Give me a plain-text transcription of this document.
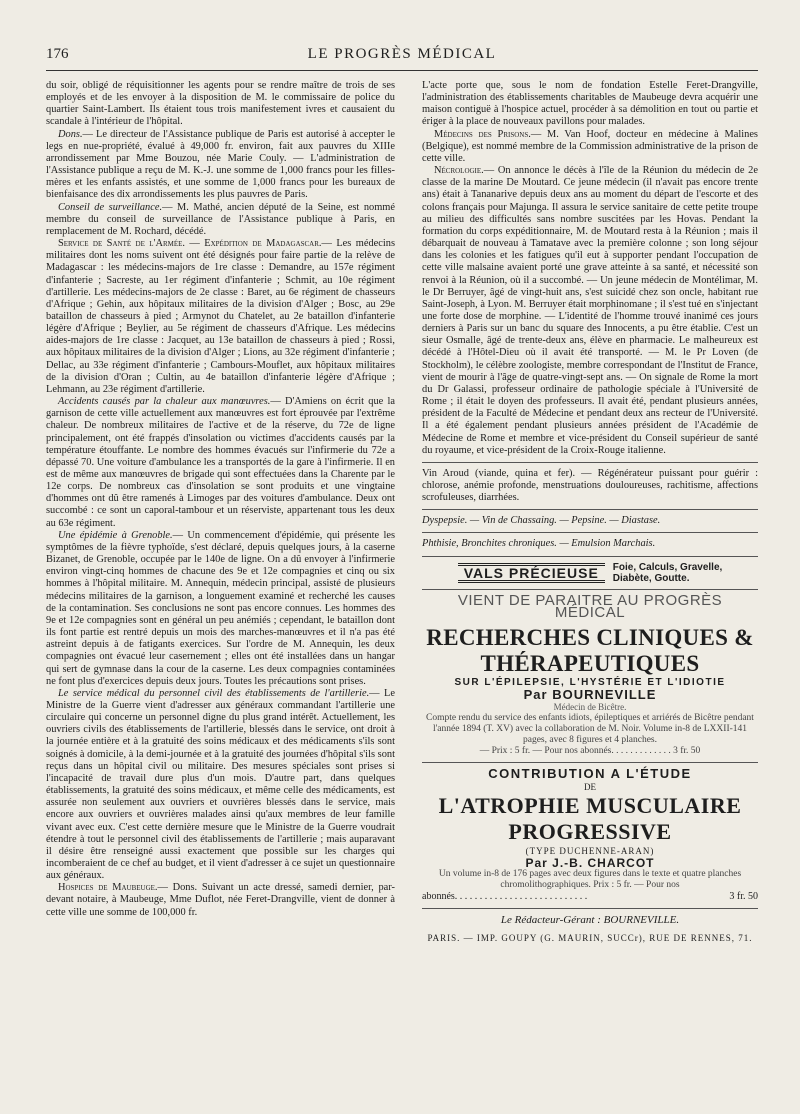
176	LE PROGRÈS MÉDICAL

du soir, obligé de réquisitionner les agents pour se rendre maître de trois de ses employés et de les envoyer à la disposition de M. le commissaire de police du quartier Saint-Lambert. Ils étaient tous trois manifestement ivres et causaient du scandale à l'intérieur de l'hôpital.

Dons.— Le directeur de l'Assistance publique de Paris est autorisé à accepter le legs en nue-propriété, évalué à 49,000 fr. environ, fait aux pauvres du XIIIe arrondissement par Mme Bouzou, née Marie Couly. — L'administration de l'Assistance publique a reçu de M. K.-J. une somme de 1,000 francs pour les filles-mères et les enfants assistés, et une somme de 1,000 francs pour les bureaux de bienfaisance des dix arrondissements les plus pauvres de Paris.

Conseil de surveillance.— M. Mathé, ancien député de la Seine, est nommé membre du conseil de surveillance de l'Assistance publique à Paris, en remplacement de M. Rochard, décédé.

Service de Santé de l'Armée. — Expédition de Madagascar.— Les médecins militaires dont les noms suivent ont été désignés pour faire partie de la relève de Madagascar : les médecins-majors de 1re classe : Demandre, au 157e régiment d'infanterie ; Sacreste, au 1er régiment d'infanterie ; Schmit, au 10e régiment d'artillerie. Les médecins-majors de 2e classe : Baret, au 6e régiment de chasseurs d'Afrique ; Gehin, aux hôpitaux militaires de la division d'Alger ; Bosc, au 29e bataillon de chasseurs à pied ; Armynot du Chatelet, au 2e bataillon d'infanterie légère d'Afrique ; Beylier, au 5e régiment de chasseurs d'Afrique. Les médecins aides-majors de 1re classe : Jacquet, au 13e bataillon de chasseurs à pied ; Rossi, aux hôpitaux militaires de la division d'Alger ; Lions, au 32e régiment d'infanterie ; Dellac, au 33e régiment d'infanterie ; Cambours-Mouflet, aux hôpitaux militaires de la division d'Oran ; Cultin, au 4e bataillon d'infanterie légère d'Afrique ; Lehmann, au 23e régiment d'artillerie.

Accidents causés par la chaleur aux manœuvres.— D'Amiens on écrit que la garnison de cette ville actuellement aux manœuvres est fort éprouvée par l'extrême chaleur. De nombreux militaires de l'active et de la réserve, du 72e de ligne principalement, ont été frappés d'insolation ou victimes d'accidents causés par la température étouffante. Le nombre des hommes évacués sur l'infirmerie du 72e a dépassé 70. Une voiture d'ambulance les a transportés de la gare à l'infirmerie. Il en est de même aux manœuvres de brigade qui sont effectuées dans la Charente par le 12e corps. De nombreux cas d'insolation se sont produits et une vingtaine d'hommes ont dû être ramenés à Limoges par des voitures d'ambulance. Deux ont succombé : ce sont un caporal-tambour et un réserviste, appartenant tous les deux au 63e régiment.

Une épidémie à Grenoble.— Un commencement d'épidémie, qui présente les symptômes de la fièvre typhoïde, s'est déclaré, depuis quelques jours, à la caserne Bizanet, de Grenoble, occupée par le 140e de ligne. On a dû envoyer à l'infirmerie environ vingt-cinq hommes de chacune des 9e et 12e compagnies et cinq ou six hommes à l'hôpital militaire. M. Annequin, médecin principal, assisté de plusieurs médecins militaires de la garnison, a longuement examiné et recherché les causes de la contamination. Ses conclusions ne sont pas encore connues. Les hommes des 9e et 12e compagnies sont en général un peu anémiés ; cependant, le bataillon dont ils font partie est rentré depuis un mois des marches-manœuvres et il n'a pas été astreint depuis à de fatigants exercices. Sur l'ordre de M. Annequin, les deux compagnies ont évacué leur casernement ; elles ont été installées dans un hangar qui sert de gymnase dans la cour de la caserne. Les deux compagnies contaminées ne font plus d'exercices depuis deux jours. Toutes les précautions sont prises.

Le service médical du personnel civil des établissements de l'artillerie.— Le Ministre de la Guerre vient d'adresser aux généraux commandant l'artillerie une circulaire qui concerne un personnel digne du plus grand intérêt. Actuellement, les ouvriers civils des établissements de l'artillerie, blessés dans le service, ont droit à la journée entière et à la gratuité des soins médicaux et des médicaments s'ils sont soignés à domicile, à la demi-journée et à la gratuité des journées d'hôpital s'ils sont reçus dans un hôpital civil ou militaire. Des mesures spéciales sont prises si l'incapacité de travail dure plus d'un mois. D'autre part, dans quelques établissements, la gratuité des soins médicaux, et même celle des médicaments, est assurée non seulement aux ouvriers et ouvrières blessés dans le service, mais encore aux ouvriers et ouvrières malades ainsi qu'aux membres de leur famille vivant avec eux. C'est cette dernière mesure que le Ministre de la Guerre voudrait étendre à tout le personnel civil des établissements de l'artillerie ; mais auparavant il désire être renseigné aussi exactement que possible sur les charges qui incomberaient de ce chef au budget, et il vient d'adresser à ce sujet un questionnaire aux généraux.

Hospices de Maubeuge.— Dons. Suivant un acte dressé, samedi dernier, par-devant notaire, à Maubeuge, Mme Duflot, née Feret-Drangville, vient de donner à cette ville une somme de 100,000 fr.

L'acte porte que, sous le nom de fondation Estelle Feret-Drangville, l'administration des établissements charitables de Maubeuge devra acquérir une maison contiguë à l'hospice actuel, procéder à sa démolition en tout ou partie et ériger à la place de nouveaux pavillons pour malades.

Médecins des Prisons.— M. Van Hoof, docteur en médecine à Malines (Belgique), est nommé membre de la Commission administrative de la prison de cette ville.

Nécrologie.— On annonce le décès à l'île de la Réunion du médecin de 2e classe de la marine De Moutard. Ce jeune médecin (il n'avait pas encore trente ans) était à Tananarive depuis deux ans au moment du départ de l'escorte et des colons français pour Majunga. Il assura le service sanitaire de cette petite troupe au milieu des difficultés sans nombre suscitées par les Hovas. Pendant la formation du corps expéditionnaire, M. de Moutard resta à la Réunion ; mais il débarquait de nouveau à Tamatave avec la première colonne ; son long séjour dans les colonies et les fatigues qu'il eut à supporter pendant l'occupation de cette ville malsaine avaient porté une grave atteinte à sa santé, et nécessité son renvoi à la Réunion, où il a succombé. — Un jeune médecin de Montélimar, M. le Dr Berruyer, âgé de vingt-huit ans, s'est suicidé chez son oncle, habitant rue Saint-Joseph, à Lyon. M. Berruyer était morphinomane ; il s'est tué en s'injectant une forte dose de morphine. — L'identité de l'homme trouvé inanimé ces jours derniers à Paris sur un banc du square des Innocents, a pu être établie. C'est un sieur Osmalle, âgé de trente-deux ans, élève en pharmacie. Le malheureux est décédé à l'Hôtel-Dieu où il avait été transporté. — M. le Pr Loven (de Stockholm), le célèbre zoologiste, membre correspondant de l'Institut de France, vient de mourir à l'âge de quatre-vingt-sept ans. — On signale de Rome la mort du Dr Galassi, professeur ordinaire de pathologie spéciale à l'Université de Rome ; il était le doyen des professeurs. Il avait été, pendant plusieurs années, président de la Faculté de Médecine et pendant deux ans recteur de l'Université. Il a été également pendant plusieurs années président de l'Académie de Médecine de Rome et membre et vice-président du Conseil supérieur de santé du royaume, et vice-président de la Croix-Rouge italienne.

Vin Aroud (viande, quina et fer). — Régénérateur puissant pour guérir : chlorose, anémie profonde, menstruations douloureuses, rachitisme, affections scrofuleuses, diarrhées.

Dyspepsie. — Vin de Chassaing. — Pepsine. — Diastase.

Phthisie, Bronchites chroniques. — Emulsion Marchais.

VALS PRÉCIEUSE	Foie, Calculs, Gravelle,
Diabète, Goutte.
VIENT DE PARAITRE AU PROGRÈS MÉDICAL
RECHERCHES CLINIQUES & THÉRAPEUTIQUES
SUR L'ÉPILEPSIE, L'HYSTÉRIE ET L'IDIOTIE
Par BOURNEVILLE
Médecin de Bicêtre.
Compte rendu du service des enfants idiots, épileptiques et arriérés de Bicêtre pendant l'année 1894 (T. XV) avec la collaboration de M. Noir. Volume in-8 de LXXII-141 pages, avec 8 figures et 4 planches.
— Prix : 5 fr. — Pour nos abonnés. . . . . . . . . . . . . 3 fr. 50
CONTRIBUTION A L'ÉTUDE
DE
L'ATROPHIE MUSCULAIRE PROGRESSIVE
(TYPE DUCHENNE-ARAN)
Par J.-B. CHARCOT
Un volume in-8 de 176 pages avec deux figures dans le texte et quatre planches chromolithographiques. Prix : 5 fr. — Pour nos
abonnés. . . . . . . . . . . . . . . . . . . . . . . . . . .	3 fr. 50
Le Rédacteur-Gérant : BOURNEVILLE.
PARIS. — IMP. GOUPY (G. MAURIN, SUCCr), RUE DE RENNES, 71.
